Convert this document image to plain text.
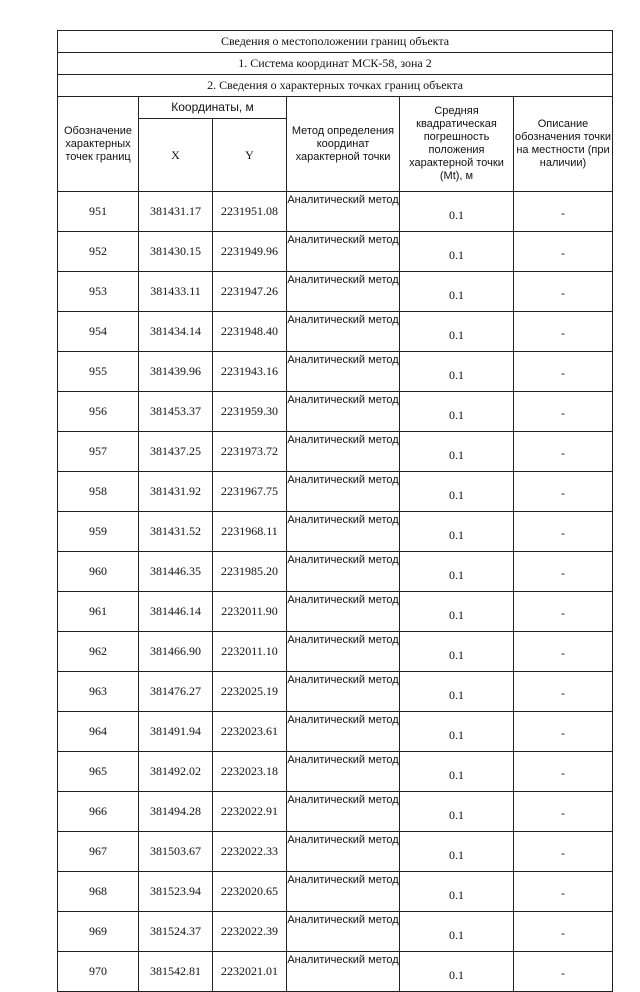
Сведения о местоположении границ объекта					
1. Система координат МСК-58, зона 2					
2. Сведения о характерных точках границ объекта					
Обозначение характерных точек границ	Координаты, м		Метод определения координат характерной точки	Средняя квадратическая погрешность положения характерной точки (Mt), м	Описание обозначения точки на местности (при наличии)
	X	Y			
951	381431.17	2231951.08	Аналитический метод	0.1	-
952	381430.15	2231949.96	Аналитический метод	0.1	-
953	381433.11	2231947.26	Аналитический метод	0.1	-
954	381434.14	2231948.40	Аналитический метод	0.1	-
955	381439.96	2231943.16	Аналитический метод	0.1	-
956	381453.37	2231959.30	Аналитический метод	0.1	-
957	381437.25	2231973.72	Аналитический метод	0.1	-
958	381431.92	2231967.75	Аналитический метод	0.1	-
959	381431.52	2231968.11	Аналитический метод	0.1	-
960	381446.35	2231985.20	Аналитический метод	0.1	-
961	381446.14	2232011.90	Аналитический метод	0.1	-
962	381466.90	2232011.10	Аналитический метод	0.1	-
963	381476.27	2232025.19	Аналитический метод	0.1	-
964	381491.94	2232023.61	Аналитический метод	0.1	-
965	381492.02	2232023.18	Аналитический метод	0.1	-
966	381494.28	2232022.91	Аналитический метод	0.1	-
967	381503.67	2232022.33	Аналитический метод	0.1	-
968	381523.94	2232020.65	Аналитический метод	0.1	-
969	381524.37	2232022.39	Аналитический метод	0.1	-
970	381542.81	2232021.01	Аналитический метод	0.1	-
